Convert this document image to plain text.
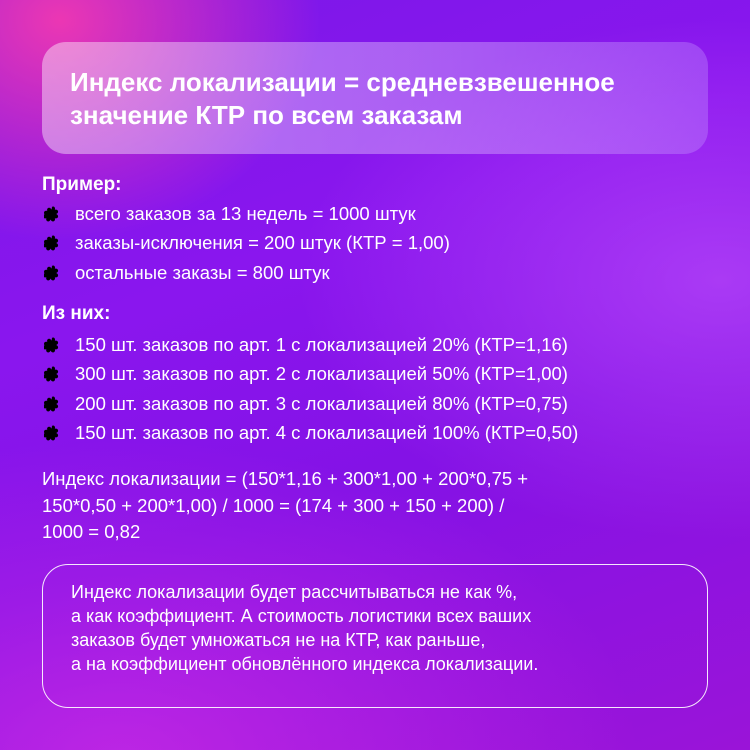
Индекс локализации = средневзвешенное
значение КТР по всем заказам
Пример:
всего заказов за 13 недель = 1000 штук
заказы-исключения = 200 штук (КТР = 1,00)
остальные заказы = 800 штук
Из них:
150 шт. заказов по арт. 1 с локализацией 20% (КТР=1,16)
300 шт. заказов по арт. 2 с локализацией 50% (КТР=1,00)
200 шт. заказов по арт. 3 с локализацией 80% (КТР=0,75)
150 шт. заказов по арт. 4 с локализацией 100% (КТР=0,50)
Индекс локализации = (150*1,16 + 300*1,00 + 200*0,75 +
150*0,50 + 200*1,00) / 1000 = (174 + 300 + 150 + 200) /
1000 = 0,82

Индекс локализации будет рассчитываться не как %,
а как коэффициент. А стоимость логистики всех ваших
заказов будет умножаться не на КТР, как раньше,
а на коэффициент обновлённого индекса локализации.
